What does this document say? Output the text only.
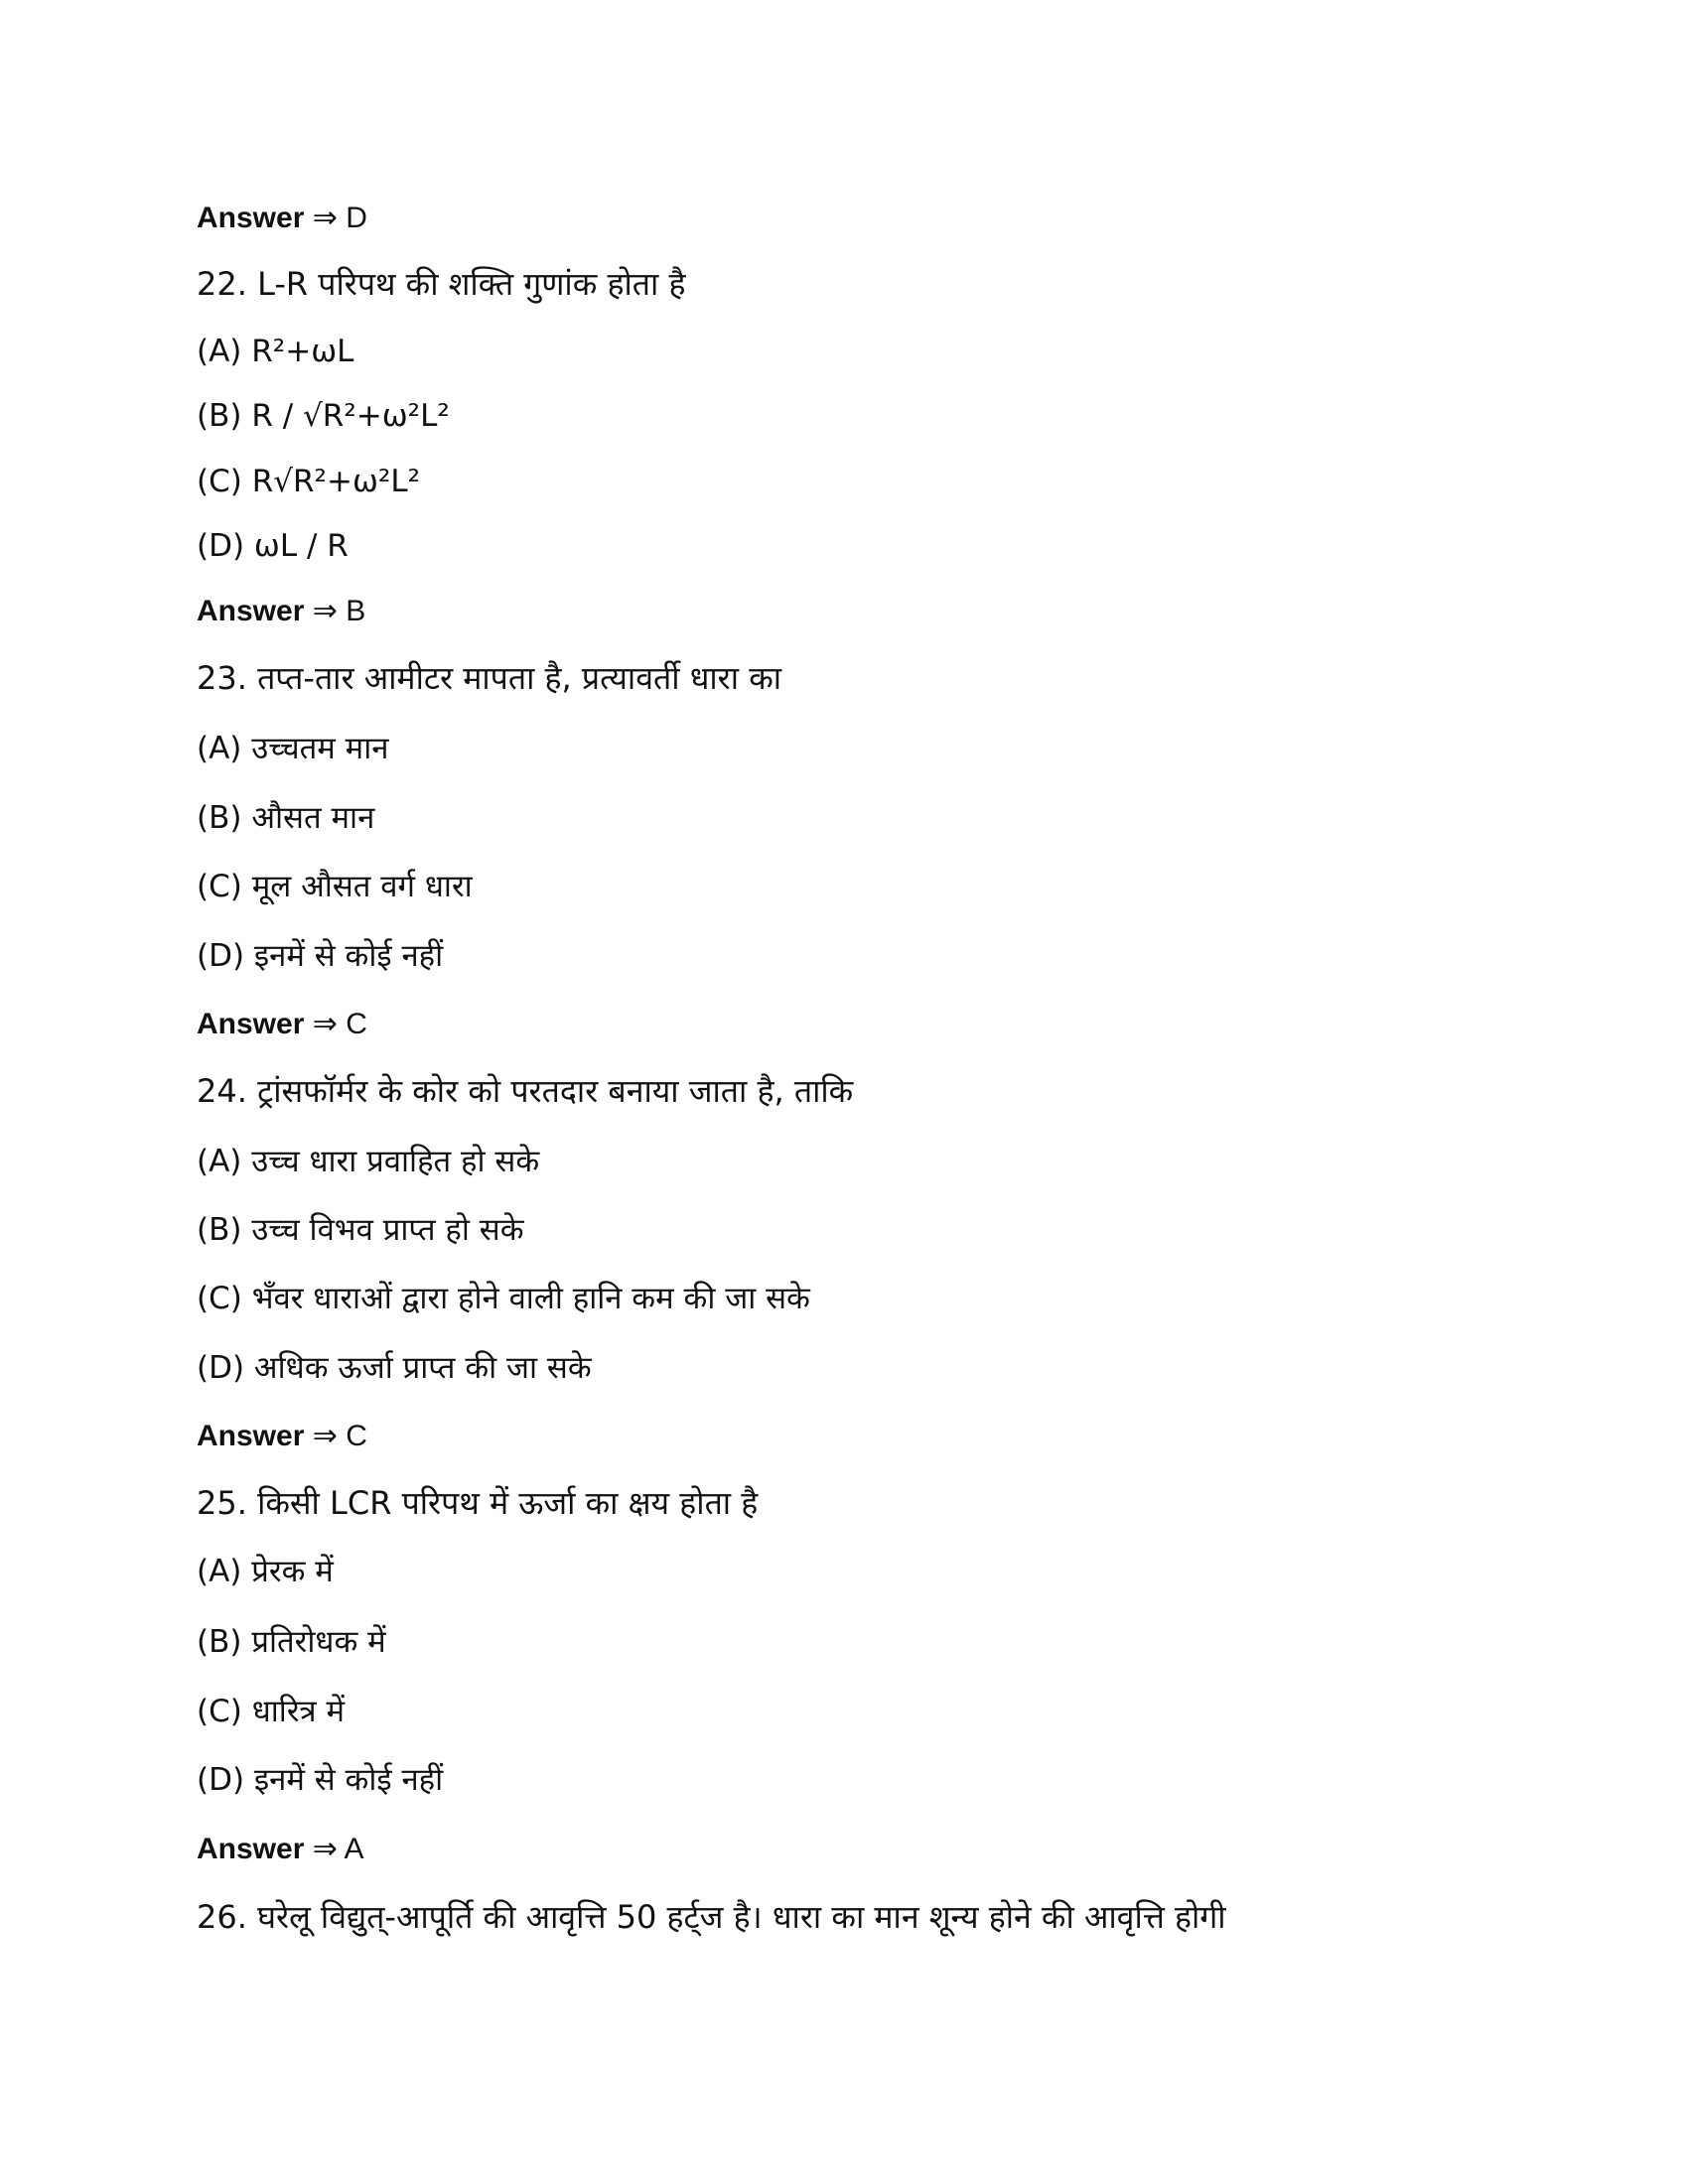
Answer ⇒ D
22. L-R परिपथ की शक्ति गुणांक होता है
(A) R²+ωL
(B) R / √R²+ω²L²
(C) R√R²+ω²L²
(D) ωL / R
Answer ⇒ B
23. तप्त-तार आमीटर मापता है, प्रत्यावर्ती धारा का
(A) उच्चतम मान
(B) औसत मान
(C) मूल औसत वर्ग धारा
(D) इनमें से कोई नहीं
Answer ⇒ C
24. ट्रांसफॉर्मर के कोर को परतदार बनाया जाता है, ताकि
(A) उच्च धारा प्रवाहित हो सके
(B) उच्च विभव प्राप्त हो सके
(C) भँवर धाराओं द्वारा होने वाली हानि कम की जा सके
(D) अधिक ऊर्जा प्राप्त की जा सके
Answer ⇒ C
25. किसी LCR परिपथ में ऊर्जा का क्षय होता है
(A) प्रेरक में
(B) प्रतिरोधक में
(C) धारित्र में
(D) इनमें से कोई नहीं
Answer ⇒ A
26. घरेलू विद्युत्-आपूर्ति की आवृत्ति 50 हर्ट्ज है। धारा का मान शून्य होने की आवृत्ति होगी
